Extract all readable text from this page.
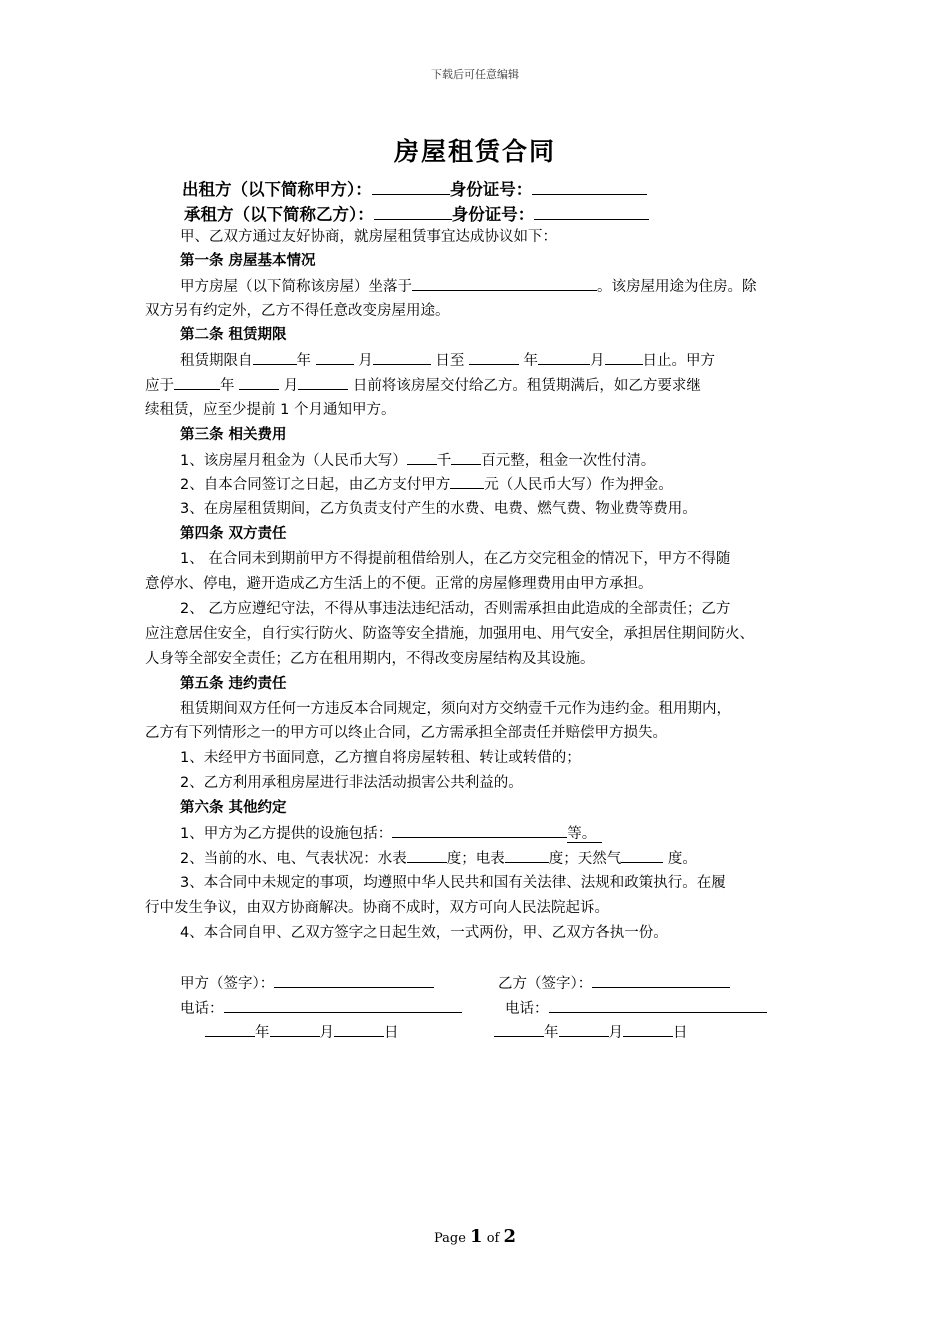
下载后可任意编辑
房屋租赁合同
出租方（以下简称甲方）：	身份证号：
承租方（以下简称乙方）：	身份证号：
甲、乙双方通过友好协商，就房屋租赁事宜达成协议如下：
第一条 房屋基本情况
甲方房屋（以下简称该房屋）坐落于	。该房屋用途为住房。除
双方另有约定外，乙方不得任意改变房屋用途。
第二条 租赁期限
租赁期限自	年	月	日至	年	月	日止。甲方
应于	年	月	日前将该房屋交付给乙方。租赁期满后，如乙方要求继
续租赁，应至少提前 1 个月通知甲方。
第三条 相关费用
1、该房屋月租金为（人民币大写） 千 百元整，租金一次性付清。
2、自本合同签订之日起，由乙方支付甲方 元（人民币大写）作为押金。
3、在房屋租赁期间，乙方负责支付产生的水费、电费、燃气费、物业费等费用。
第四条 双方责任
1、 在合同未到期前甲方不得提前租借给别人，在乙方交完租金的情况下，甲方不得随
意停水、停电，避开造成乙方生活上的不便。正常的房屋修理费用由甲方承担。
2、 乙方应遵纪守法，不得从事违法违纪活动，否则需承担由此造成的全部责任；乙方
应注意居住安全，自行实行防火、防盗等安全措施，加强用电、用气安全，承担居住期间防火、
人身等全部安全责任；乙方在租用期内，不得改变房屋结构及其设施。
第五条 违约责任
租赁期间双方任何一方违反本合同规定，须向对方交纳壹千元作为违约金。租用期内，
乙方有下列情形之一的甲方可以终止合同，乙方需承担全部责任并赔偿甲方损失。
1、未经甲方书面同意，乙方擅自将房屋转租、转让或转借的；
2、乙方利用承租房屋进行非法活动损害公共利益的。
第六条 其他约定
1、甲方为乙方提供的设施包括：	等。
2、当前的水、电、气表状况：水表	度；电表	度；天然气	度。
3、本合同中未规定的事项，均遵照中华人民共和国有关法律、法规和政策执行。在履
行中发生争议，由双方协商解决。协商不成时，双方可向人民法院起诉。
4、本合同自甲、乙双方签字之日起生效，一式两份，甲、乙双方各执一份。
甲方（签字）：	乙方（签字）：
电话：	电话：
年	月	日	年	月	日
Page 1 of 2
